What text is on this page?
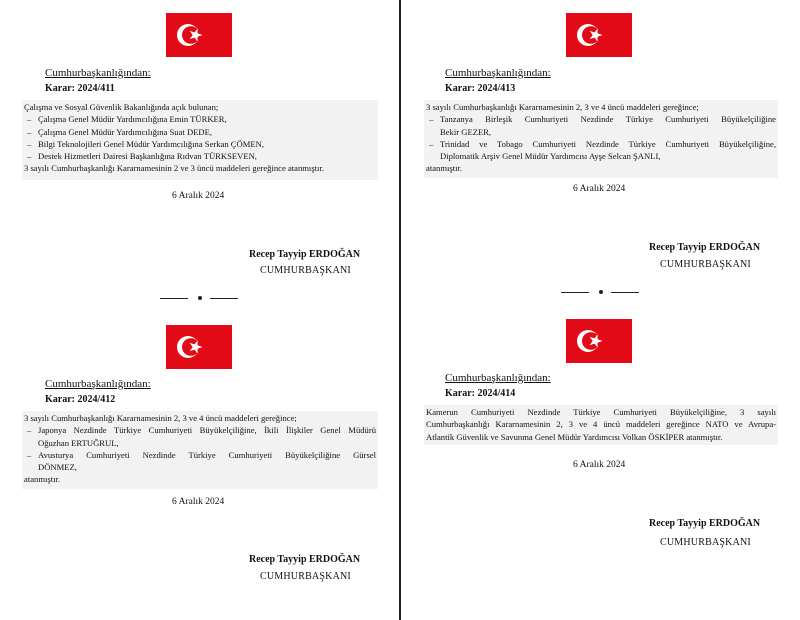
Cumhurbaşkanlığından:
Karar: 2024/411

Çalışma ve Sosyal Güvenlik Bakanlığında açık bulunan;

– Çalışma Genel Müdür Yardımcılığına Emin TÜRKER,

– Çalışma Genel Müdür Yardımcılığına Suat DEDE,

– Bilgi Teknolojileri Genel Müdür Yardımcılığına Serkan ÇÖMEN,

– Destek Hizmetleri Dairesi Başkanlığına Rıdvan TÜRKSEVEN,

3 sayılı Cumhurbaşkanlığı Kararnamesinin 2 ve 3 üncü maddeleri gereğince atanmıştır.

6 Aralık 2024
Recep Tayyip ERDOĞAN
CUMHURBAŞKANI
Cumhurbaşkanlığından:
Karar: 2024/412

3 sayılı Cumhurbaşkanlığı Kararnamesinin 2, 3 ve 4 üncü maddeleri gereğince;

– Japonya Nezdinde Türkiye Cumhuriyeti Büyükelçiliğine, İkili İlişkiler Genel Müdürü

Oğuzhan ERTUĞRUL,

– Avusturya Cumhuriyeti Nezdinde Türkiye Cumhuriyeti Büyükelçiliğine Gürsel

DÖNMEZ,

atanmıştır.

6 Aralık 2024
Recep Tayyip ERDOĞAN
CUMHURBAŞKANI
Cumhurbaşkanlığından:
Karar: 2024/413

3 sayılı Cumhurbaşkanlığı Kararnamesinin 2, 3 ve 4 üncü maddeleri gereğince;

– Tanzanya Birleşik Cumhuriyeti Nezdinde Türkiye Cumhuriyeti Büyükelçiliğine

Bekir GEZER,

– Trinidad ve Tobago Cumhuriyeti Nezdinde Türkiye Cumhuriyeti Büyükelçiliğine,

Diplomatik Arşiv Genel Müdür Yardımcısı Ayşe Selcan ŞANLI,

atanmıştır.

6 Aralık 2024
Recep Tayyip ERDOĞAN
CUMHURBAŞKANI
Cumhurbaşkanlığından:
Karar: 2024/414

Kamerun Cumhuriyeti Nezdinde Türkiye Cumhuriyeti Büyükelçiliğine, 3 sayılı

Cumhurbaşkanlığı Kararnamesinin 2, 3 ve 4 üncü maddeleri gereğince NATO ve Avrupa-

Atlantik Güvenlik ve Savunma Genel Müdür Yardımcısı Volkan ÖSKİPER atanmıştır.

6 Aralık 2024
Recep Tayyip ERDOĞAN
CUMHURBAŞKANI
